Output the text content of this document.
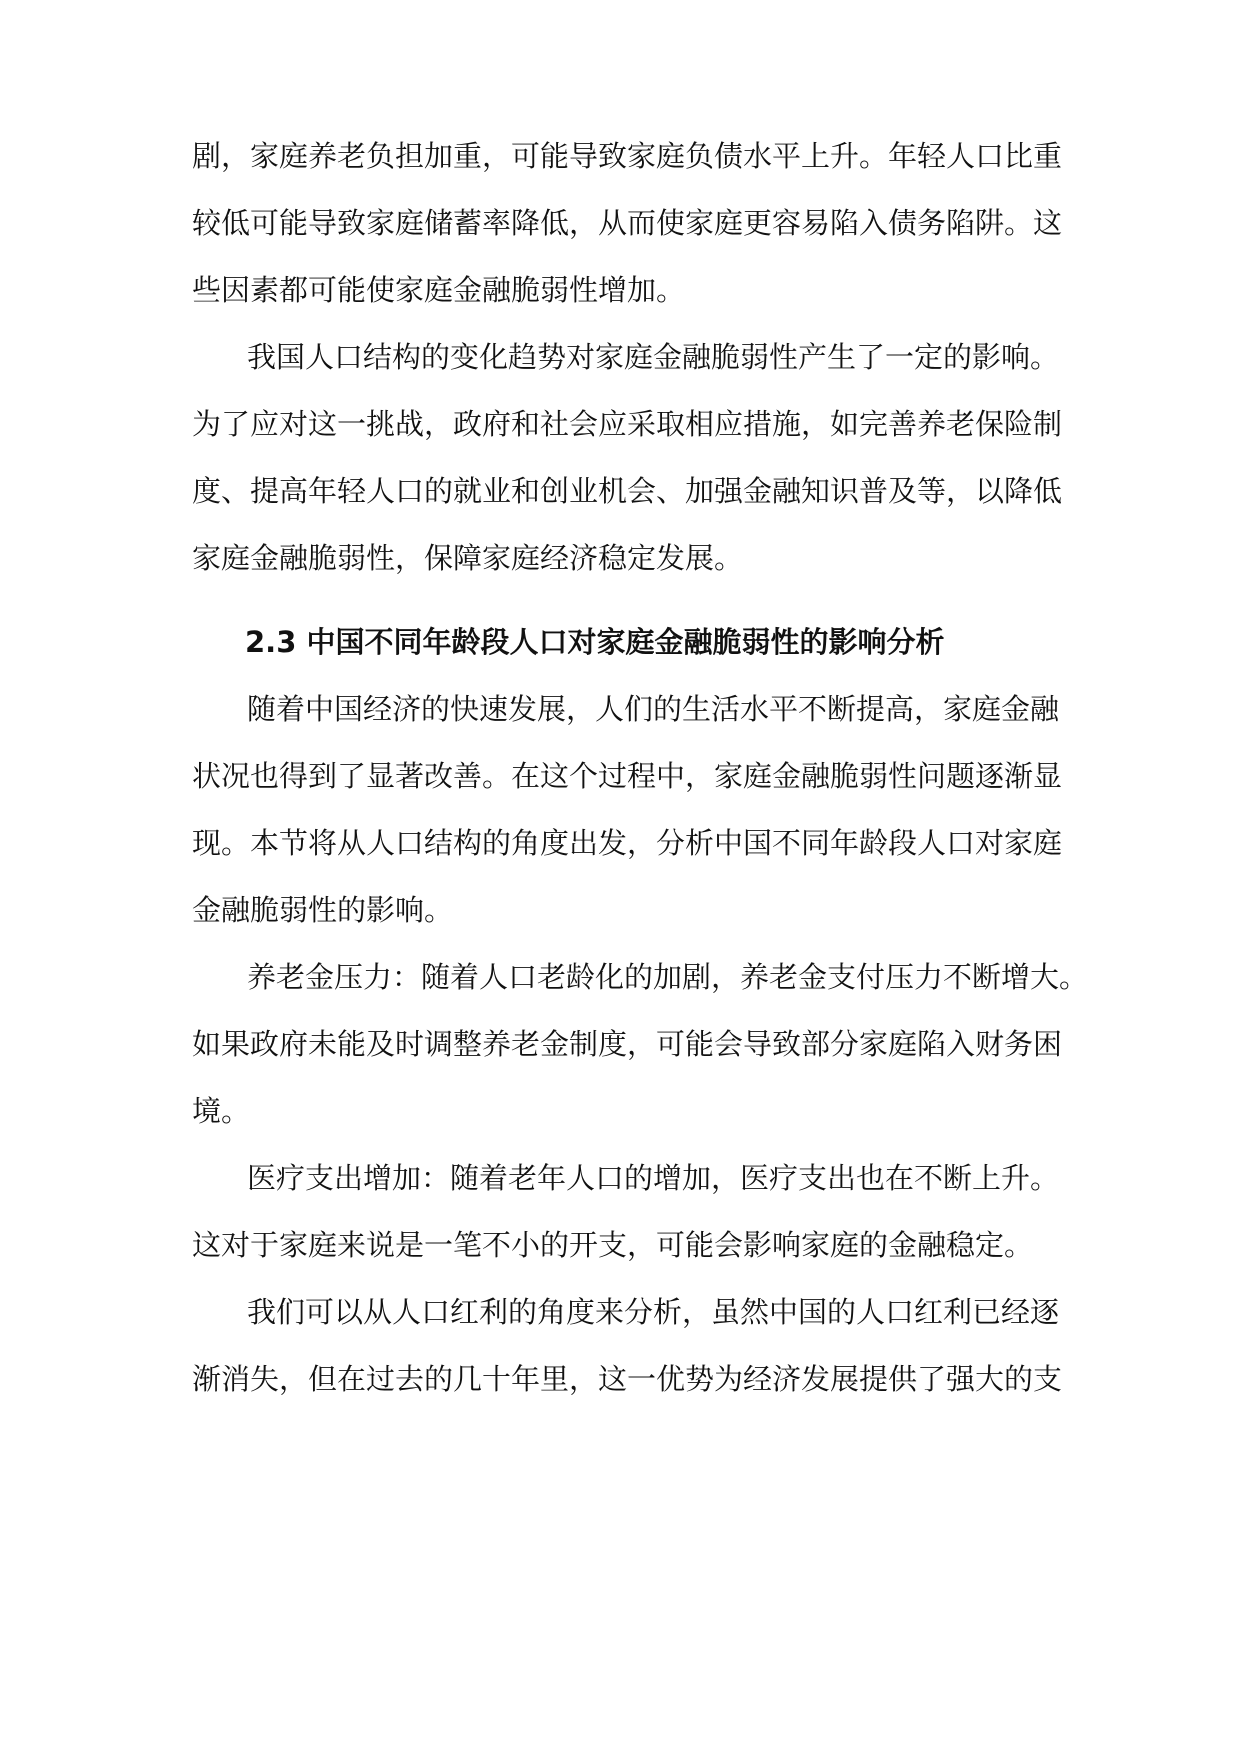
剧，家庭养老负担加重，可能导致家庭负债水平上升。年轻人口比重
较低可能导致家庭储蓄率降低，从而使家庭更容易陷入债务陷阱。这
些因素都可能使家庭金融脆弱性增加。
我国人口结构的变化趋势对家庭金融脆弱性产生了一定的影响。
为了应对这一挑战，政府和社会应采取相应措施，如完善养老保险制
度、提高年轻人口的就业和创业机会、加强金融知识普及等，以降低
家庭金融脆弱性，保障家庭经济稳定发展。
2.3 中国不同年龄段人口对家庭金融脆弱性的影响分析
随着中国经济的快速发展，人们的生活水平不断提高，家庭金融
状况也得到了显著改善。在这个过程中，家庭金融脆弱性问题逐渐显
现。本节将从人口结构的角度出发，分析中国不同年龄段人口对家庭
金融脆弱性的影响。
养老金压力：随着人口老龄化的加剧，养老金支付压力不断增大。
如果政府未能及时调整养老金制度，可能会导致部分家庭陷入财务困
境。
医疗支出增加：随着老年人口的增加，医疗支出也在不断上升。
这对于家庭来说是一笔不小的开支，可能会影响家庭的金融稳定。
我们可以从人口红利的角度来分析，虽然中国的人口红利已经逐
渐消失，但在过去的几十年里，这一优势为经济发展提供了强大的支
